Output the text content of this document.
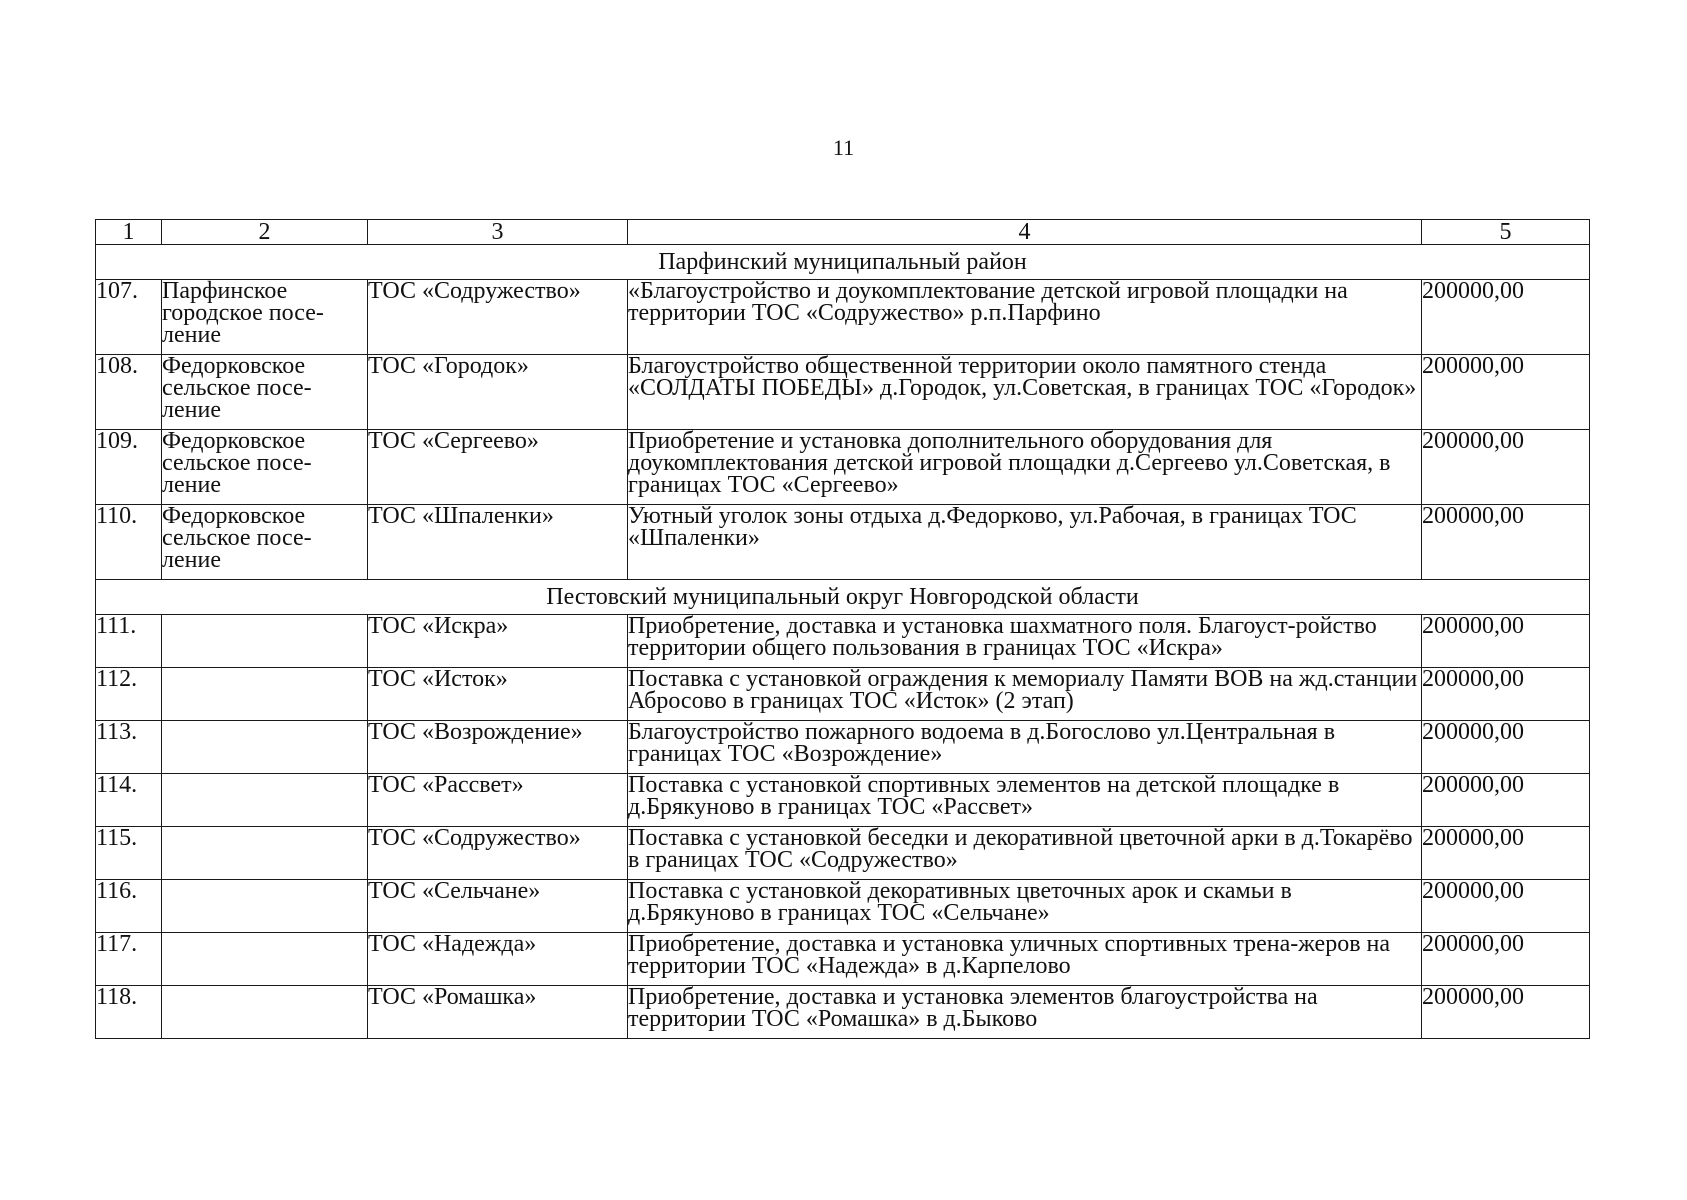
11
1	2	3	4	5
Парфинский муниципальный район				
107.	Парфинское городское посе-ление	ТОС «Содружество»	«Благоустройство и доукомплектование детской игровой площадки на территории ТОС «Содружество» р.п.Парфино	200000,00
108.	Федорковское сельское посе-ление	ТОС «Городок»	Благоустройство общественной территории около памятного стенда «СОЛДАТЫ ПОБЕДЫ» д.Городок, ул.Советская, в границах ТОС «Городок»	200000,00
109.	Федорковское сельское посе-ление	ТОС «Сергеево»	Приобретение и установка дополнительного оборудования для доукомплектования детской игровой площадки д.Сергеево ул.Советская, в границах ТОС «Сергеево»	200000,00
110.	Федорковское сельское посе-ление	ТОС «Шпаленки»	Уютный уголок зоны отдыха д.Федорково, ул.Рабочая, в границах ТОС «Шпаленки»	200000,00
Пестовский муниципальный округ Новгородской области				
111.		ТОС «Искра»	Приобретение, доставка и установка шахматного поля. Благоуст-ройство территории общего пользования в границах ТОС «Искра»	200000,00
112.		ТОС «Исток»	Поставка с установкой ограждения к мемориалу Памяти ВОВ на жд.станции Абросово в границах ТОС «Исток» (2 этап)	200000,00
113.		ТОС «Возрождение»	Благоустройство пожарного водоема в д.Богослово ул.Центральная в границах ТОС «Возрождение»	200000,00
114.		ТОС «Рассвет»	Поставка с установкой спортивных элементов на детской площадке в д.Брякуново в границах ТОС «Рассвет»	200000,00
115.		ТОС «Содружество»	Поставка с установкой беседки и декоративной цветочной арки в д.Токарёво в границах ТОС «Содружество»	200000,00
116.		ТОС «Сельчане»	Поставка с установкой декоративных цветочных арок и скамьи в д.Брякуново в границах ТОС «Сельчане»	200000,00
117.		ТОС «Надежда»	Приобретение, доставка и установка уличных спортивных трена-жеров на территории ТОС «Надежда» в д.Карпелово	200000,00
118.		ТОС «Ромашка»	Приобретение, доставка и установка элементов благоустройства на территории ТОС «Ромашка» в д.Быково	200000,00
